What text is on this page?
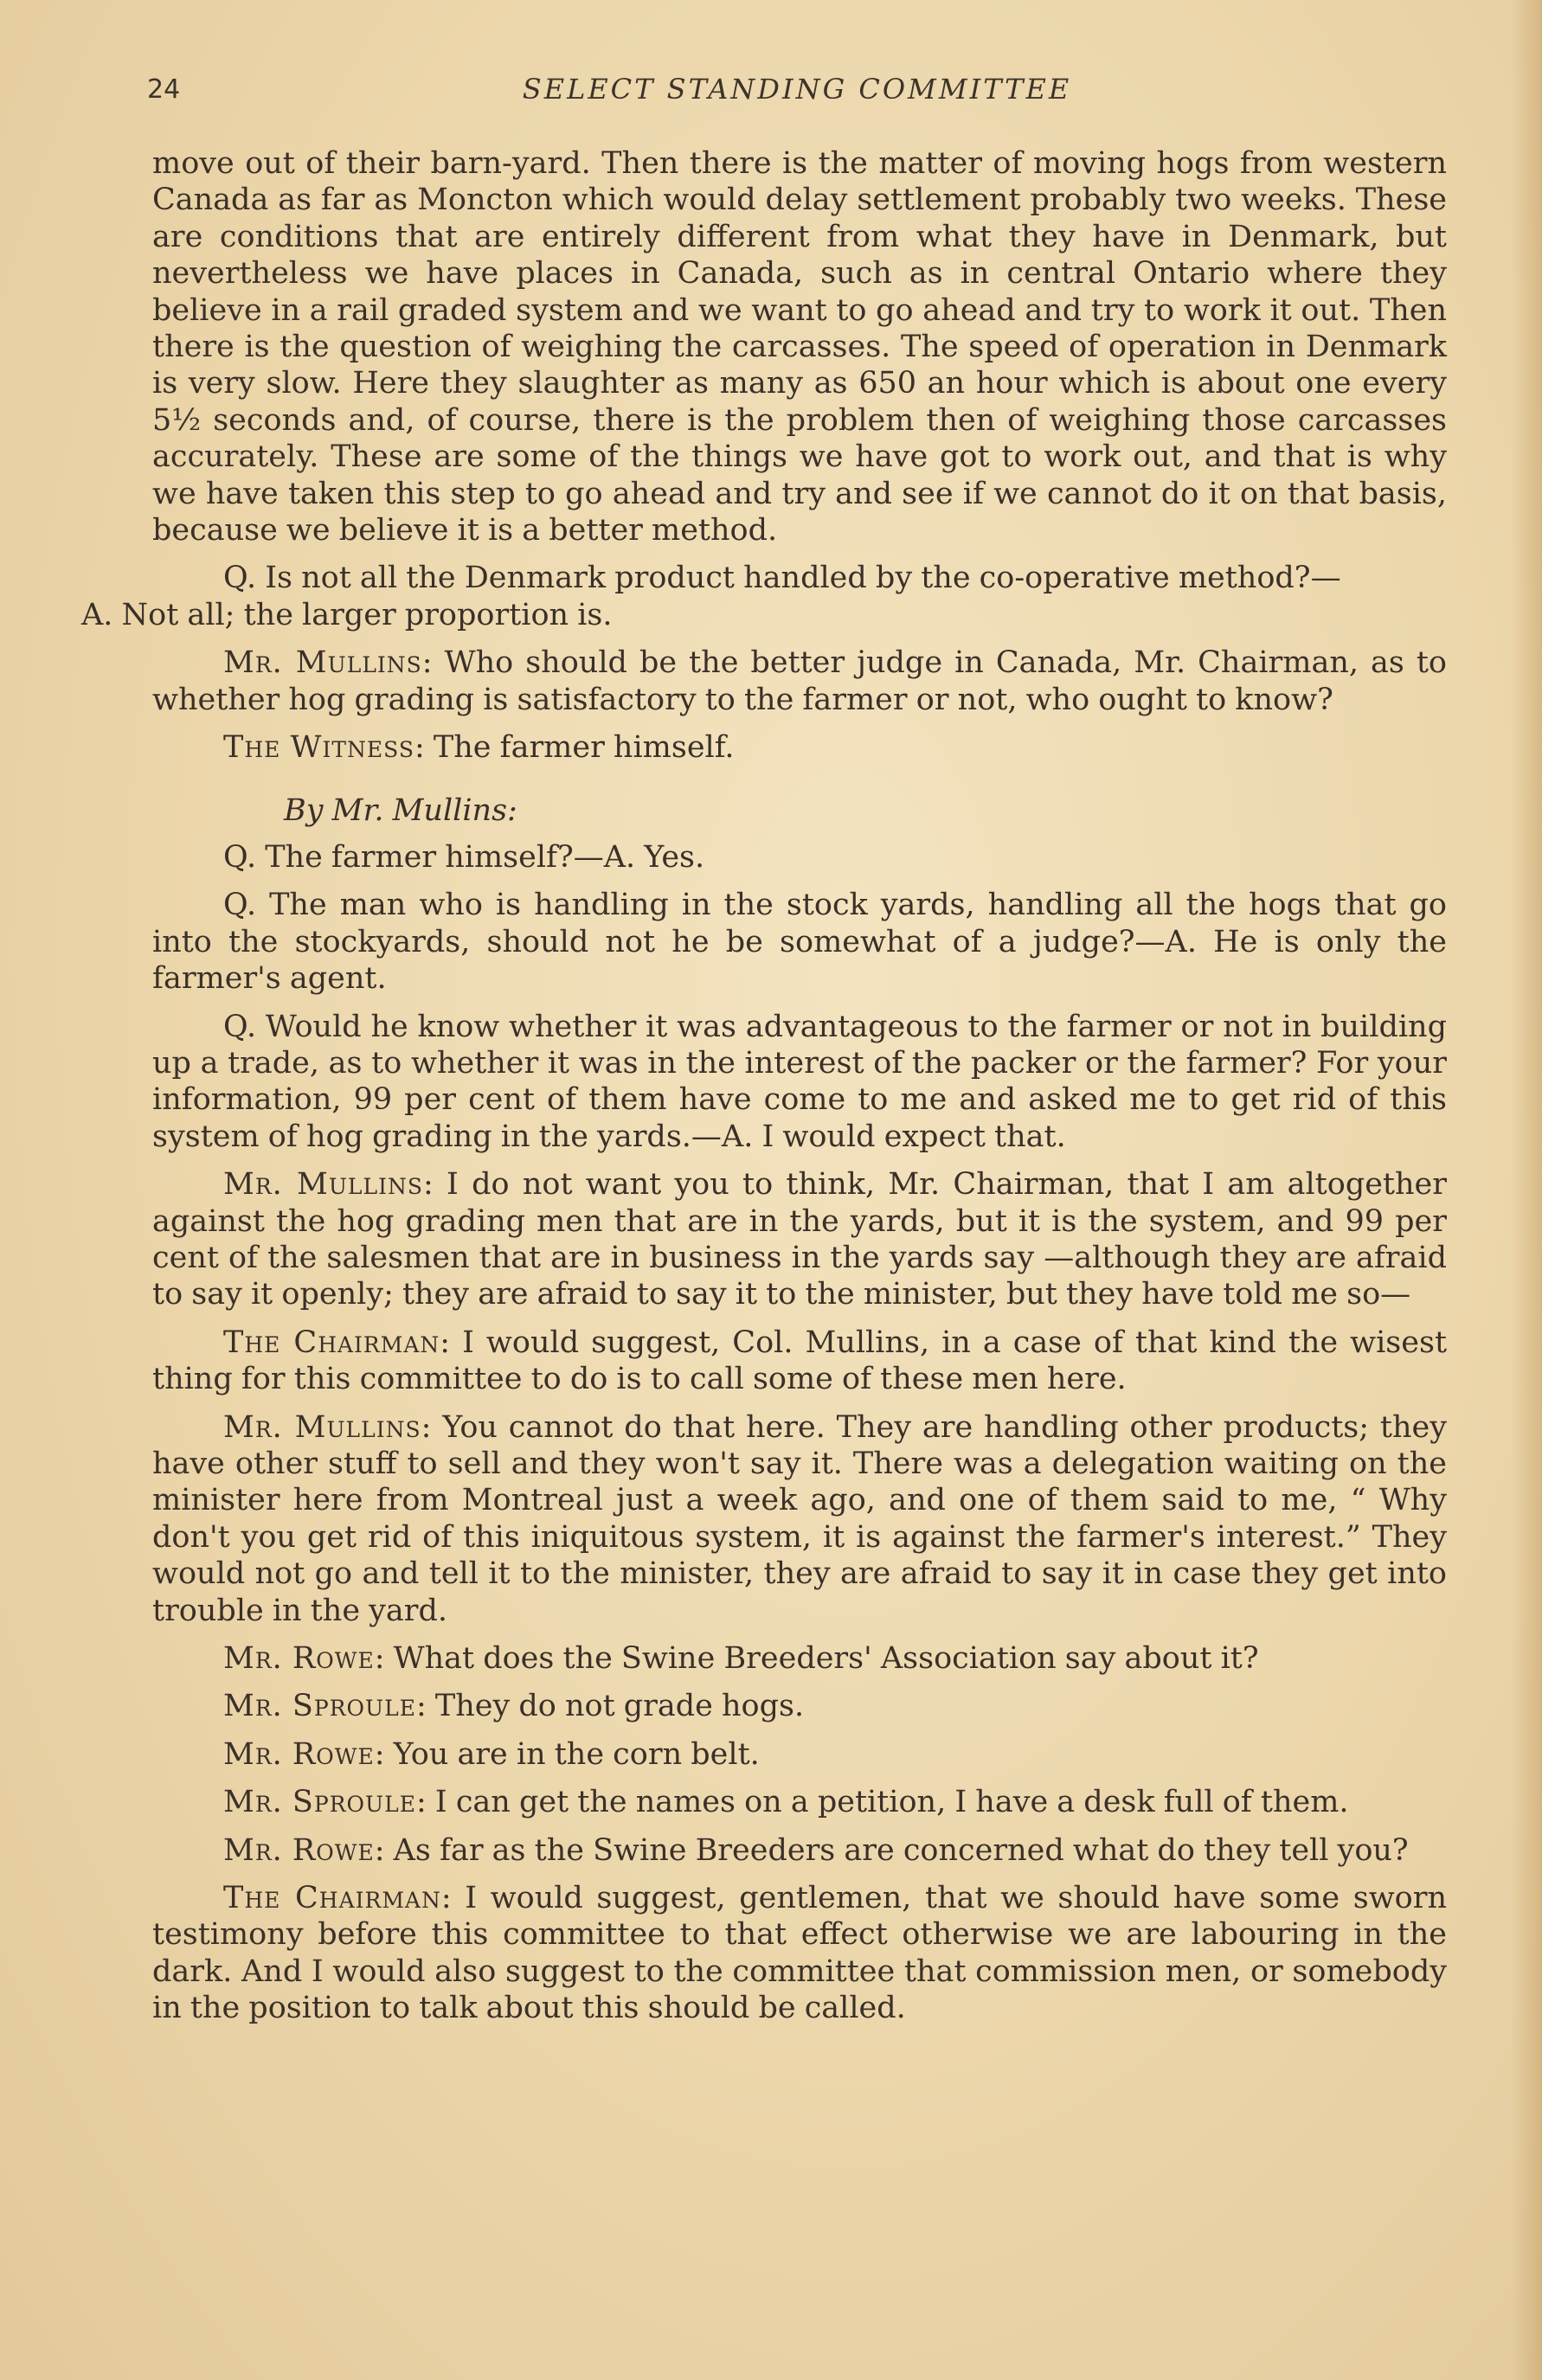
24	SELECT STANDING COMMITTEE

move out of their barn-yard. Then there is the matter of moving hogs from western Canada as far as Moncton which would delay settlement probably two weeks. These are conditions that are entirely different from what they have in Denmark, but nevertheless we have places in Canada, such as in central Ontario where they believe in a rail graded system and we want to go ahead and try to work it out. Then there is the question of weighing the carcasses. The speed of operation in Denmark is very slow. Here they slaughter as many as 650 an hour which is about one every 5½ seconds and, of course, there is the problem then of weighing those carcasses accurately. These are some of the things we have got to work out, and that is why we have taken this step to go ahead and try and see if we cannot do it on that basis, because we believe it is a better method.

Q. Is not all the Denmark product handled by the co-operative method?—
A. Not all; the larger proportion is.

Mr. Mullins: Who should be the better judge in Canada, Mr. Chairman, as to whether hog grading is satisfactory to the farmer or not, who ought to know?

The Witness: The farmer himself.

By Mr. Mullins:

Q. The farmer himself?—A. Yes.

Q. The man who is handling in the stock yards, handling all the hogs that go into the stockyards, should not he be somewhat of a judge?—A. He is only the farmer's agent.

Q. Would he know whether it was advantageous to the farmer or not in building up a trade, as to whether it was in the interest of the packer or the farmer? For your information, 99 per cent of them have come to me and asked me to get rid of this system of hog grading in the yards.—A. I would expect that.

Mr. Mullins: I do not want you to think, Mr. Chairman, that I am altogether against the hog grading men that are in the yards, but it is the system, and 99 per cent of the salesmen that are in business in the yards say —although they are afraid to say it openly; they are afraid to say it to the minister, but they have told me so—

The Chairman: I would suggest, Col. Mullins, in a case of that kind the wisest thing for this committee to do is to call some of these men here.

Mr. Mullins: You cannot do that here. They are handling other products; they have other stuff to sell and they won't say it. There was a delegation waiting on the minister here from Montreal just a week ago, and one of them said to me, “ Why don't you get rid of this iniquitous system, it is against the farmer's interest.” They would not go and tell it to the minister, they are afraid to say it in case they get into trouble in the yard.

Mr. Rowe: What does the Swine Breeders' Association say about it?

Mr. Sproule: They do not grade hogs.

Mr. Rowe: You are in the corn belt.

Mr. Sproule: I can get the names on a petition, I have a desk full of them.

Mr. Rowe: As far as the Swine Breeders are concerned what do they tell you?

The Chairman: I would suggest, gentlemen, that we should have some sworn testimony before this committee to that effect otherwise we are labouring in the dark. And I would also suggest to the committee that commission men, or somebody in the position to talk about this should be called.
